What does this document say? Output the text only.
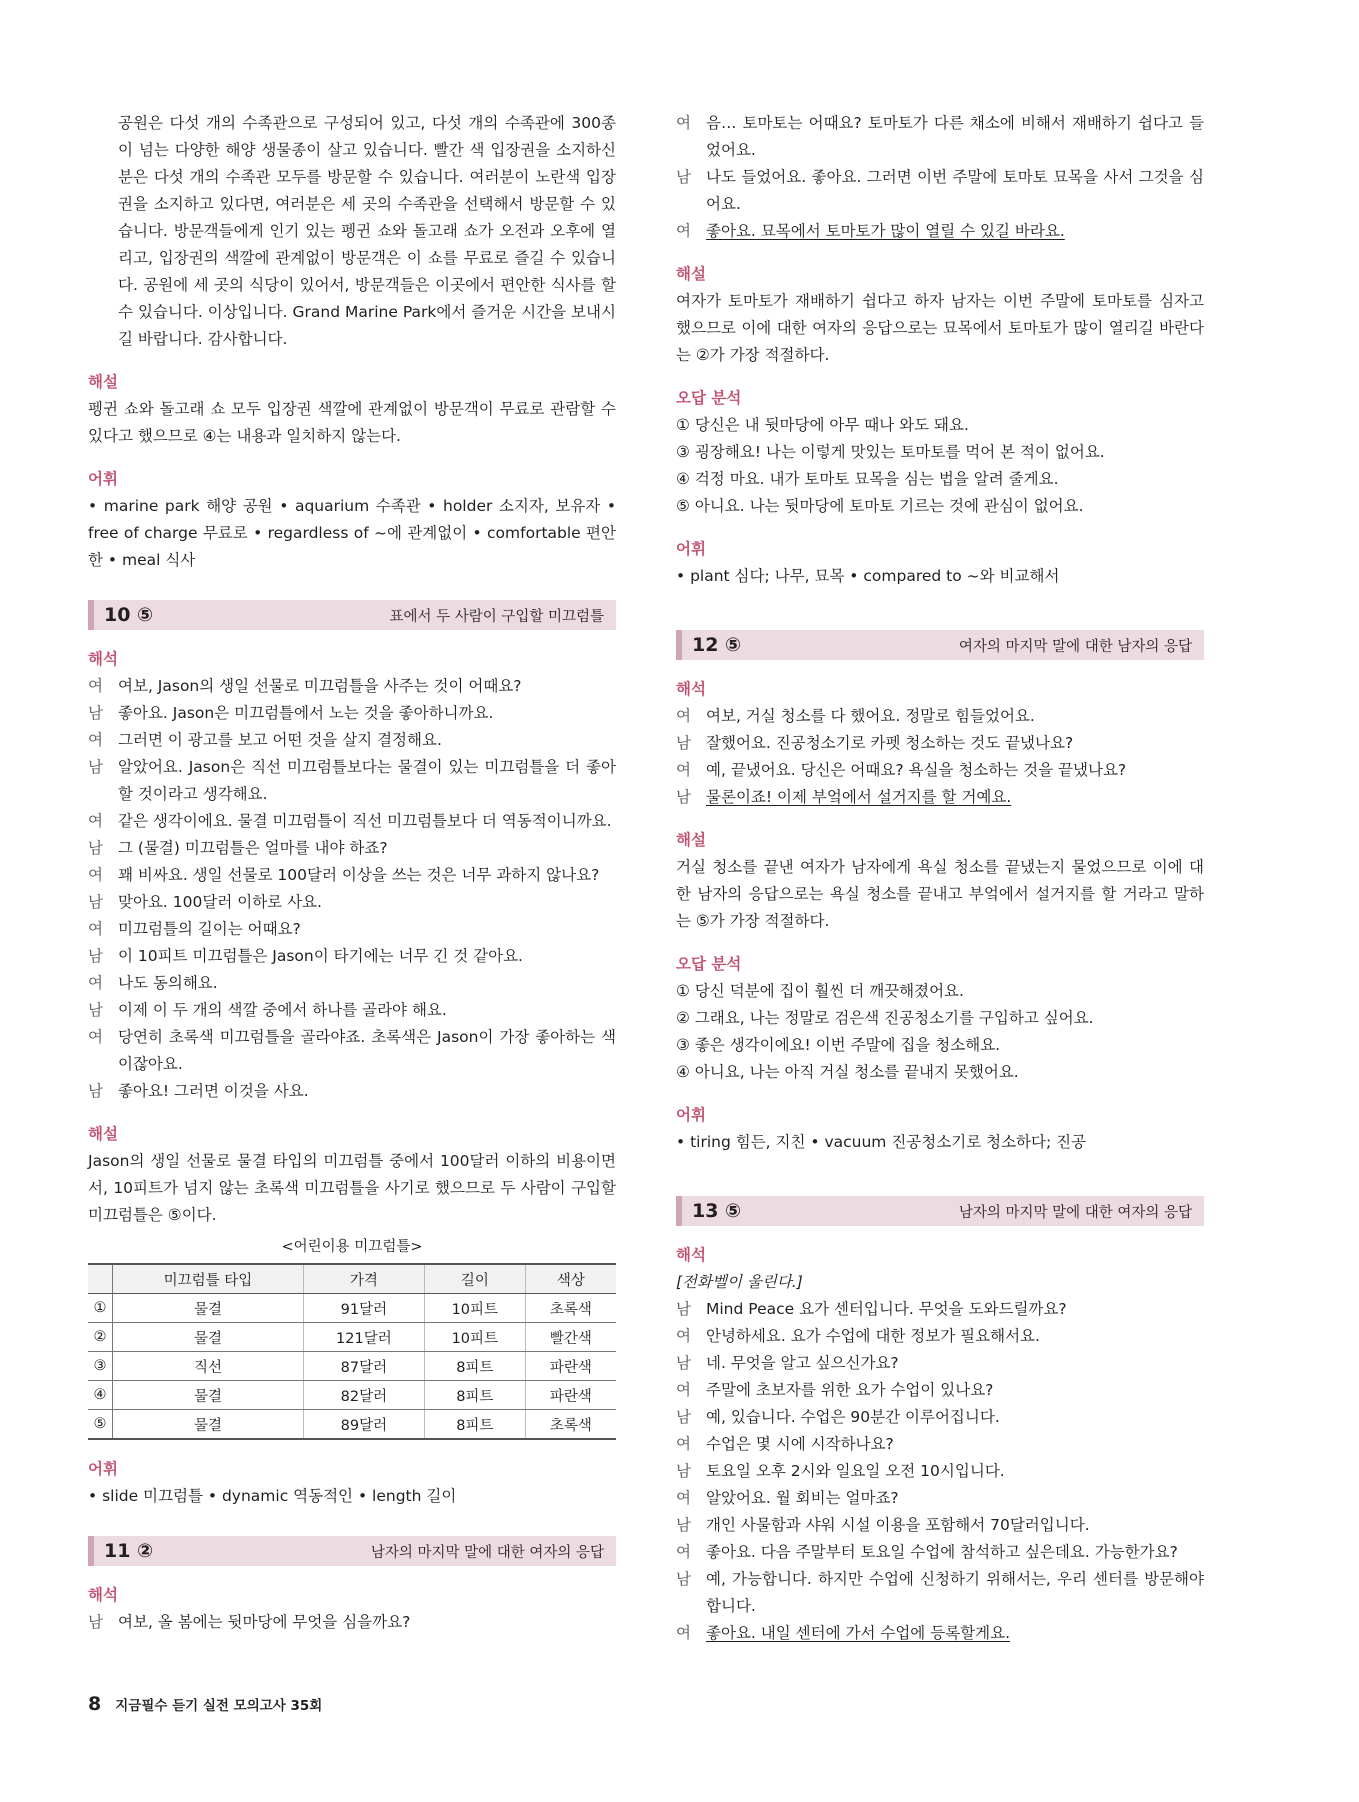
공원은 다섯 개의 수족관으로 구성되어 있고, 다섯 개의 수족관에 300종이 넘는 다양한 해양 생물종이 살고 있습니다. 빨간 색 입장권을 소지하신 분은 다섯 개의 수족관 모두를 방문할 수 있습니다. 여러분이 노란색 입장권을 소지하고 있다면, 여러분은 세 곳의 수족관을 선택해서 방문할 수 있습니다. 방문객들에게 인기 있는 펭귄 쇼와 돌고래 쇼가 오전과 오후에 열리고, 입장권의 색깔에 관계없이 방문객은 이 쇼를 무료로 즐길 수 있습니다. 공원에 세 곳의 식당이 있어서, 방문객들은 이곳에서 편안한 식사를 할 수 있습니다. 이상입니다. Grand Marine Park에서 즐거운 시간을 보내시길 바랍니다. 감사합니다.

해설

펭귄 쇼와 돌고래 쇼 모두 입장권 색깔에 관계없이 방문객이 무료로 관람할 수 있다고 했으므로 ④는 내용과 일치하지 않는다.

어휘

• marine park 해양 공원 • aquarium 수족관 • holder 소지자, 보유자 • free of charge 무료로 • regardless of ~에 관계없이 • comfortable 편안한 • meal 식사

10 ⑤	표에서 두 사람이 구입할 미끄럼틀

해석

여 여보, Jason의 생일 선물로 미끄럼틀을 사주는 것이 어때요?
남 좋아요. Jason은 미끄럼틀에서 노는 것을 좋아하니까요.
여 그러면 이 광고를 보고 어떤 것을 살지 결정해요.
남 알았어요. Jason은 직선 미끄럼틀보다는 물결이 있는 미끄럼틀을 더 좋아할 것이라고 생각해요.
여 같은 생각이에요. 물결 미끄럼틀이 직선 미끄럼틀보다 더 역동적이니까요.
남 그 (물결) 미끄럼틀은 얼마를 내야 하죠?
여 꽤 비싸요. 생일 선물로 100달러 이상을 쓰는 것은 너무 과하지 않나요?
남 맞아요. 100달러 이하로 사요.
여 미끄럼틀의 길이는 어때요?
남 이 10피트 미끄럼틀은 Jason이 타기에는 너무 긴 것 같아요.
여 나도 동의해요.
남 이제 이 두 개의 색깔 중에서 하나를 골라야 해요.
여 당연히 초록색 미끄럼틀을 골라야죠. 초록색은 Jason이 가장 좋아하는 색이잖아요.
남 좋아요! 그러면 이것을 사요.

해설

Jason의 생일 선물로 물결 타입의 미끄럼틀 중에서 100달러 이하의 비용이면서, 10피트가 넘지 않는 초록색 미끄럼틀을 사기로 했으므로 두 사람이 구입할 미끄럼틀은 ⑤이다.

<어린이용 미끄럼틀>
	미끄럼틀 타입	가격	길이	색상
①	물결	91달러	10피트	초록색
②	물결	121달러	10피트	빨간색
③	직선	87달러	8피트	파란색
④	물결	82달러	8피트	파란색
⑤	물결	89달러	8피트	초록색

어휘

• slide 미끄럼틀 • dynamic 역동적인 • length 길이

11 ②	남자의 마지막 말에 대한 여자의 응답

해석

남 여보, 올 봄에는 뒷마당에 무엇을 심을까요?
여 음… 토마토는 어때요? 토마토가 다른 채소에 비해서 재배하기 쉽다고 들었어요.
남 나도 들었어요. 좋아요. 그러면 이번 주말에 토마토 묘목을 사서 그것을 심어요.
여 좋아요. 묘목에서 토마토가 많이 열릴 수 있길 바라요.

해설

여자가 토마토가 재배하기 쉽다고 하자 남자는 이번 주말에 토마토를 심자고 했으므로 이에 대한 여자의 응답으로는 묘목에서 토마토가 많이 열리길 바란다는 ②가 가장 적절하다.

오답 분석

① 당신은 내 뒷마당에 아무 때나 와도 돼요.

③ 굉장해요! 나는 이렇게 맛있는 토마토를 먹어 본 적이 없어요.

④ 걱정 마요. 내가 토마토 묘목을 심는 법을 알려 줄게요.

⑤ 아니요. 나는 뒷마당에 토마토 기르는 것에 관심이 없어요.

어휘

• plant 심다; 나무, 묘목 • compared to ~와 비교해서

12 ⑤	여자의 마지막 말에 대한 남자의 응답

해석

여 여보, 거실 청소를 다 했어요. 정말로 힘들었어요.
남 잘했어요. 진공청소기로 카펫 청소하는 것도 끝냈나요?
여 예, 끝냈어요. 당신은 어때요? 욕실을 청소하는 것을 끝냈나요?
남 물론이죠! 이제 부엌에서 설거지를 할 거예요.

해설

거실 청소를 끝낸 여자가 남자에게 욕실 청소를 끝냈는지 물었으므로 이에 대한 남자의 응답으로는 욕실 청소를 끝내고 부엌에서 설거지를 할 거라고 말하는 ⑤가 가장 적절하다.

오답 분석

① 당신 덕분에 집이 훨씬 더 깨끗해졌어요.

② 그래요, 나는 정말로 검은색 진공청소기를 구입하고 싶어요.

③ 좋은 생각이에요! 이번 주말에 집을 청소해요.

④ 아니요, 나는 아직 거실 청소를 끝내지 못했어요.

어휘

• tiring 힘든, 지친 • vacuum 진공청소기로 청소하다; 진공

13 ⑤	남자의 마지막 말에 대한 여자의 응답

해석

[전화벨이 울린다.]

남 Mind Peace 요가 센터입니다. 무엇을 도와드릴까요?
여 안녕하세요. 요가 수업에 대한 정보가 필요해서요.
남 네. 무엇을 알고 싶으신가요?
여 주말에 초보자를 위한 요가 수업이 있나요?
남 예, 있습니다. 수업은 90분간 이루어집니다.
여 수업은 몇 시에 시작하나요?
남 토요일 오후 2시와 일요일 오전 10시입니다.
여 알았어요. 월 회비는 얼마죠?
남 개인 사물함과 샤워 시설 이용을 포함해서 70달러입니다.
여 좋아요. 다음 주말부터 토요일 수업에 참석하고 싶은데요. 가능한가요?
남 예, 가능합니다. 하지만 수업에 신청하기 위해서는, 우리 센터를 방문해야 합니다.
여 좋아요. 내일 센터에 가서 수업에 등록할게요.
8 지금필수 듣기 실전 모의고사 35회
